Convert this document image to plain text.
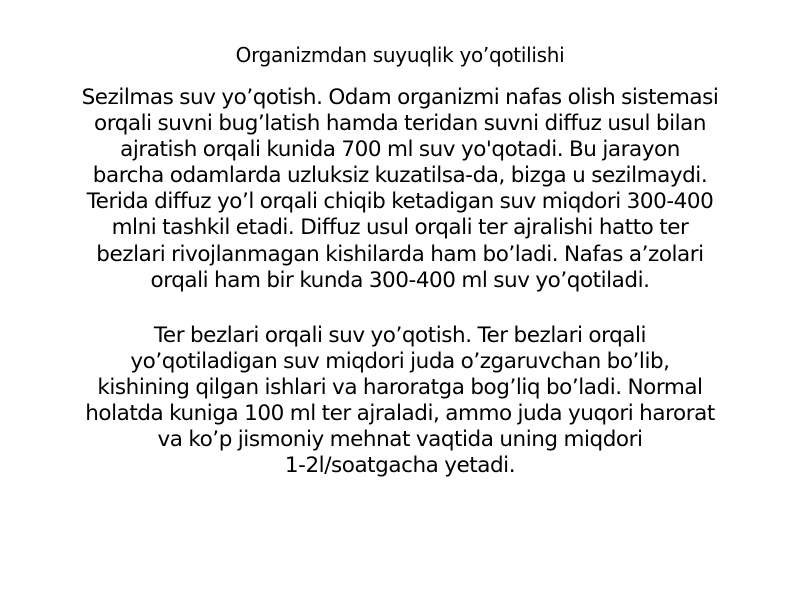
Organizmdan suyuqlik yo’qotilishi
Sezilmas suv yo’qotish. Odam organizmi nafas olish sistemasi
orqali suvni bug’latish hamda teridan suvni diffuz usul bilan
ajratish orqali kunida 700 ml suv yo'qotadi. Bu jarayon
barcha odamlarda uzluksiz kuzatilsa-da, bizga u sezilmaydi.
Terida diffuz yo’l orqali chiqib ketadigan suv miqdori 300-400
mlni tashkil etadi. Diffuz usul orqali ter ajralishi hatto ter
bezlari rivojlanmagan kishilarda ham bo’ladi. Nafas a’zolari
orqali ham bir kunda 300-400 ml suv yo’qotiladi.
Ter bezlari orqali suv yo’qotish. Ter bezlari orqali
yo’qotiladigan suv miqdori juda o’zgaruvchan bo’lib,
kishining qilgan ishlari va haroratga bog’liq bo’ladi. Normal
holatda kuniga 100 ml ter ajraladi, ammo juda yuqori harorat
va ko’p jismoniy mehnat vaqtida uning miqdori
1-2l/soatgacha yetadi.
